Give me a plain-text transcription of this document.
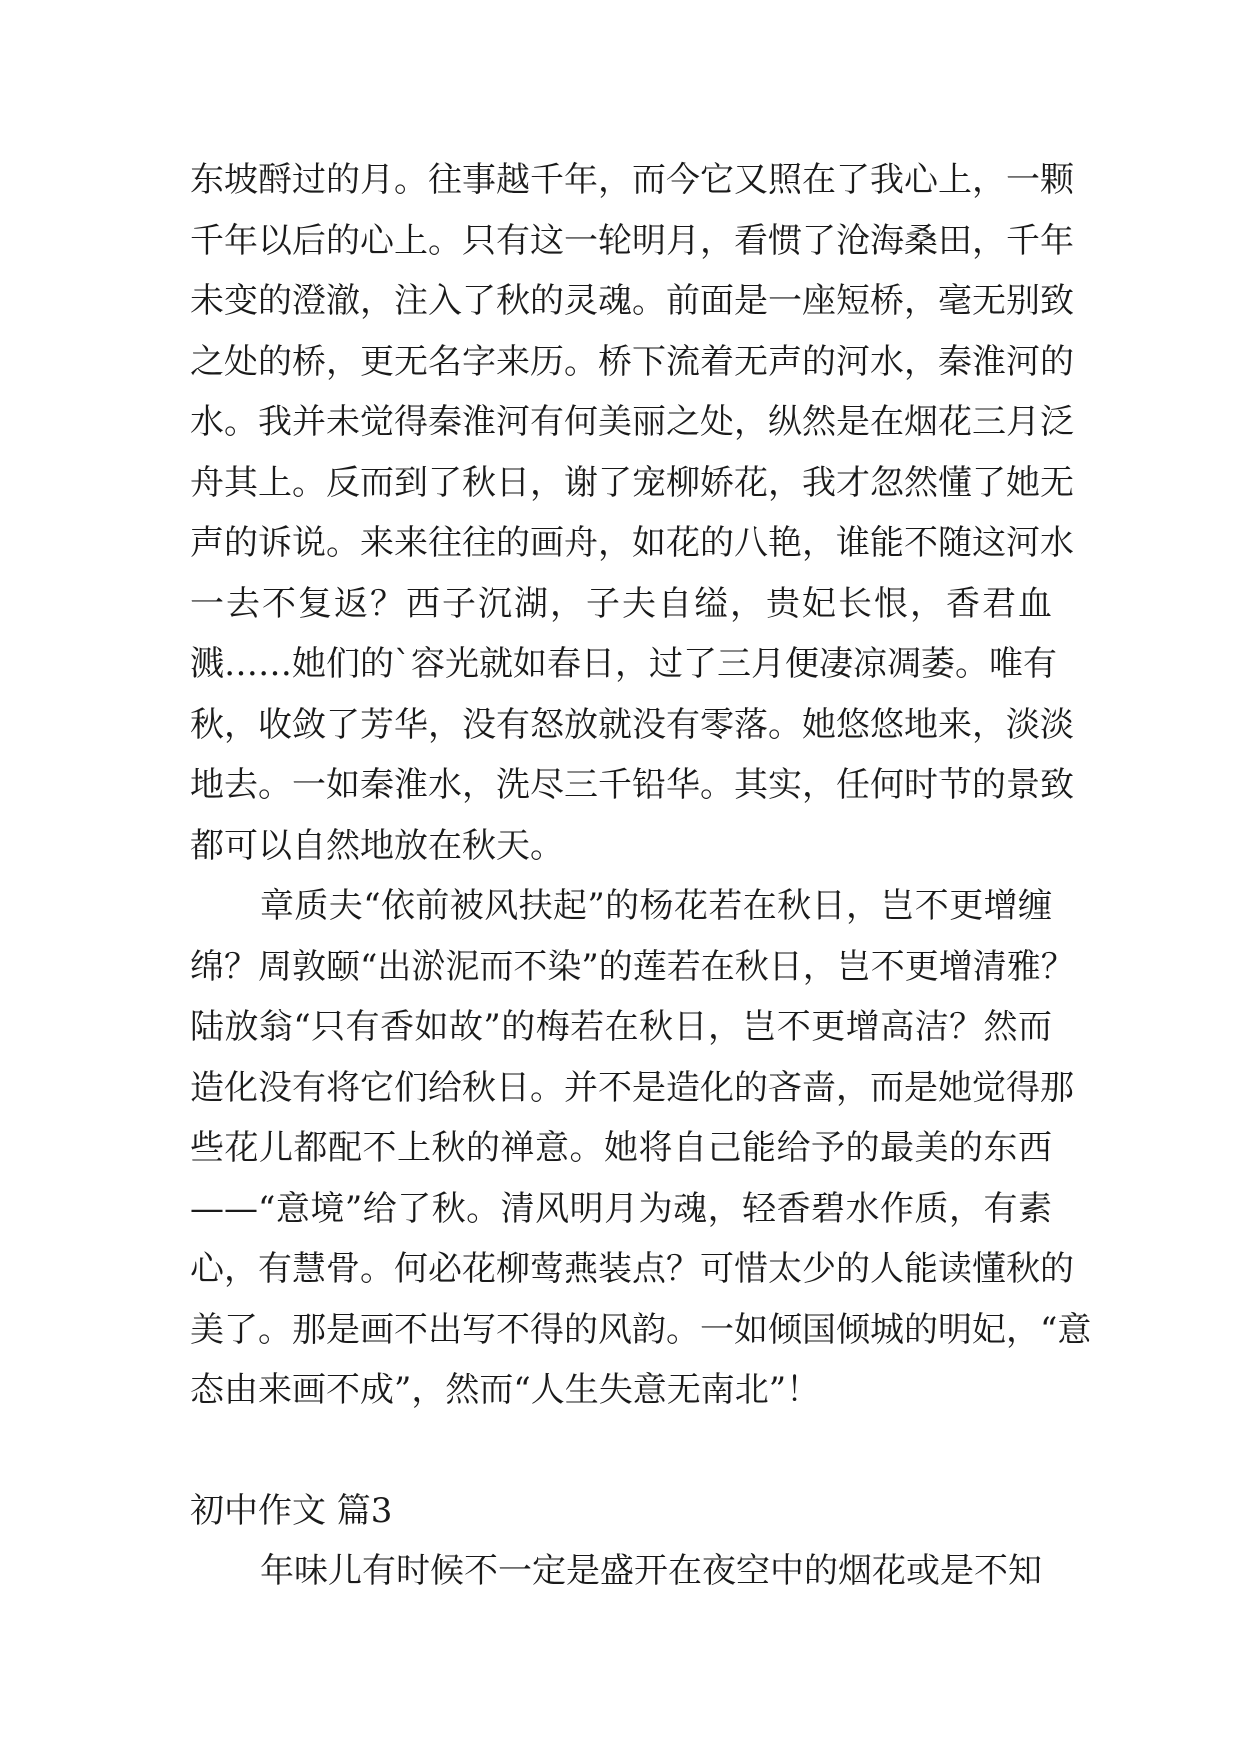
东坡酹过的月。往事越千年，而今它又照在了我心上，一颗
千年以后的心上。只有这一轮明月，看惯了沧海桑田，千年
未变的澄澈，注入了秋的灵魂。前面是一座短桥，毫无别致
之处的桥，更无名字来历。桥下流着无声的河水，秦淮河的
水。我并未觉得秦淮河有何美丽之处，纵然是在烟花三月泛
舟其上。反而到了秋日，谢了宠柳娇花，我才忽然懂了她无
声的诉说。来来往往的画舟，如花的八艳，谁能不随这河水
一去不复返？西子沉湖，子夫自缢，贵妃长恨，香君血
溅……她们的`容光就如春日，过了三月便凄凉凋萎。唯有
秋，收敛了芳华，没有怒放就没有零落。她悠悠地来，淡淡
地去。一如秦淮水，洗尽三千铅华。其实，任何时节的景致
都可以自然地放在秋天。
章质夫“依前被风扶起”的杨花若在秋日，岂不更增缠
绵？周敦颐“出淤泥而不染”的莲若在秋日，岂不更增清雅？
陆放翁“只有香如故”的梅若在秋日，岂不更增高洁？然而
造化没有将它们给秋日。并不是造化的吝啬，而是她觉得那
些花儿都配不上秋的禅意。她将自己能给予的最美的东西
——“意境”给了秋。清风明月为魂，轻香碧水作质，有素
心，有慧骨。何必花柳莺燕装点？可惜太少的人能读懂秋的
美了。那是画不出写不得的风韵。一如倾国倾城的明妃，“意
态由来画不成”，然而“人生失意无南北”！
初中作文 篇3
年味儿有时候不一定是盛开在夜空中的烟花或是不知
